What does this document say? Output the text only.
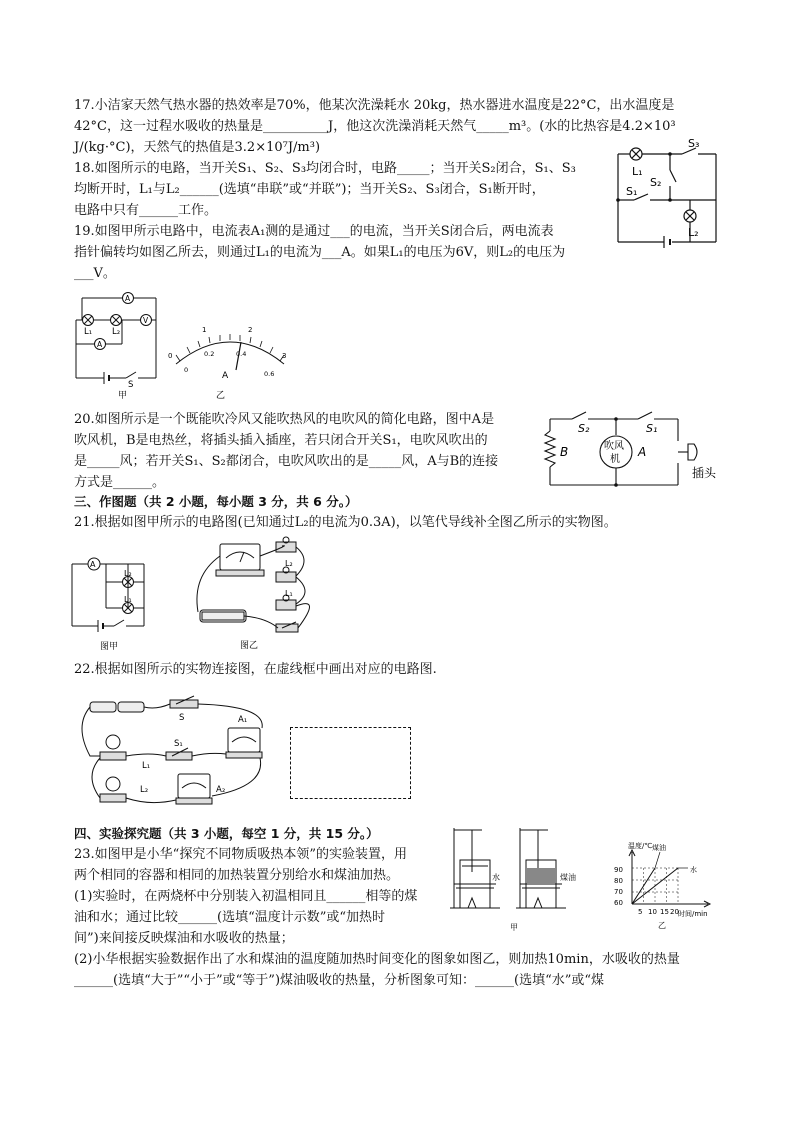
17.小洁家天然气热水器的热效率是70%，他某次洗澡耗水 20kg，热水器进水温度是22°C，出水温度是
42°C，这一过程水吸收的热量是__________J，他这次洗澡消耗天然气_____m³。(水的比热容是4.2×10³
J/(kg·°C)，天然气的热值是3.2×10⁷J/m³)
18.如图所示的电路，当开关S₁、S₂、S₃均闭合时，电路_____；当开关S₂闭合，S₁、S₃
均断开时，L₁与L₂______(选填“串联”或“并联”)；当开关S₂、S₃闭合，S₁断开时，
电路中只有______工作。
S₃
L₁
S₂
S₁
L₂
19.如图甲所示电路中，电流表A₁测的是通过___的电流，当开关S闭合后，两电流表
指针偏转均如图乙所去，则通过L₁的电流为___A。如果L₁的电压为6V，则L₂的电压为
___V。
A
V
A
L₁ L₂
S
甲
0
1	2
3
0
0.2	0.4
0.6
A
乙
20.如图所示是一个既能吹冷风又能吹热风的电吹风的简化电路，图中A是
吹风机，B是电热丝，将插头插入插座，若只闭合开关S₁，电吹风吹出的
是_____风；若开关S₁、S₂都闭合，电吹风吹出的是_____风，A与B的连接
方式是______。
S₂	S₁
B	吹风
机
A
插头
三、作图题（共 2 小题，每小题 3 分，共 6 分。）
21.根据如图甲所示的电路图(已知通过L₂的电流为0.3A)，以笔代导线补全图乙所示的实物图。
A
L₂
L₁
图甲
L₂
L₁
图乙
22.根据如图所示的实物连接图，在虚线框中画出对应的电路图.
S	A₁
S₁
L₁
L₂	A₂
四、实验探究题（共 3 小题，每空 1 分，共 15 分。）
23.如图甲是小华“探究不同物质吸热本领”的实验装置，用
两个相同的容器和相同的加热装置分别给水和煤油加热。
(1)实验时，在两烧杯中分别装入初温相同且______相等的煤
油和水；通过比较______(选填“温度计示数”或“加热时
间”)来间接反映煤油和水吸收的热量；
(2)小华根据实验数据作出了水和煤油的温度随加热时间变化的图象如图乙，则加热10min，水吸收的热量
______(选填“大于”“小于”或“等于”)煤油吸收的热量，分析图象可知：______(选填“水”或“煤
水	煤油
甲
温度/℃
时间/min
煤油
水
90
80
70
60
5 10 15 20
乙
